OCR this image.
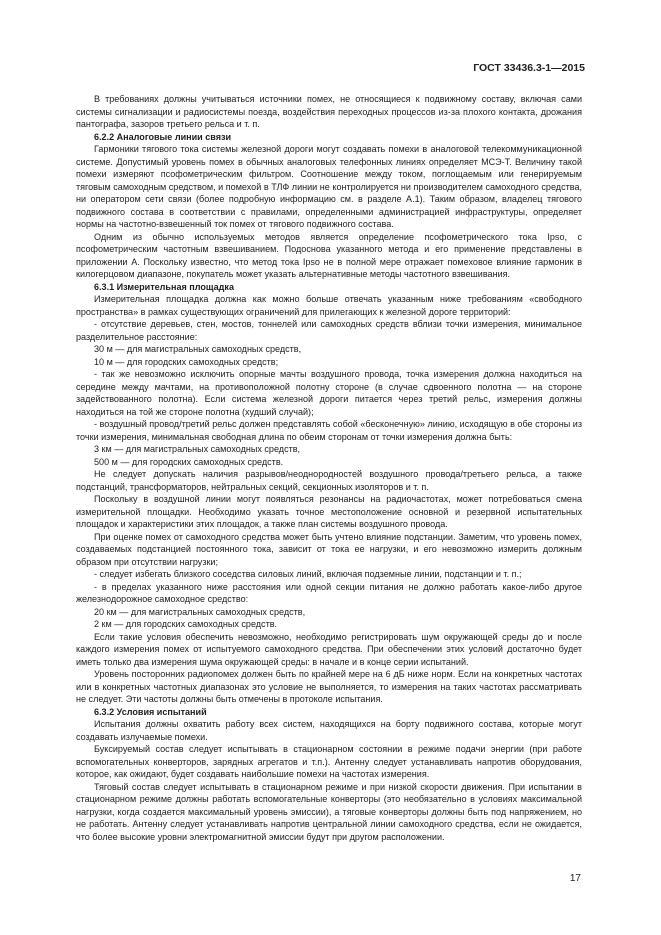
ГОСТ 33436.3-1—2015

В требованиях должны учитываться источники помех, не относящиеся к подвижному составу, включая сами системы сигнализации и радиосистемы поезда, воздействия переходных процессов из-за плохого контакта, дрожания пантографа, зазоров третьего рельса и т. п.

6.2.2 Аналоговые линии связи

Гармоники тягового тока системы железной дороги могут создавать помехи в аналоговой телекоммуникационной системе. Допустимый уровень помех в обычных аналоговых телефонных линиях определяет МСЭ-Т. Величину такой помехи измеряют псофометрическим фильтром. Соотношение между током, поглощаемым или генерируемым тяговым самоходным средством, и помехой в ТЛФ линии не контролируется ни производителем самоходного средства, ни оператором сети связи (более подробную информацию см. в разделе А.1). Таким образом, владелец тягового подвижного состава в соответствии с правилами, определенными администрацией инфраструктуры, определяет нормы на частотно-взвешенный ток помех от тягового подвижного состава.

Одним из обычно используемых методов является определение псофометрического тока Ipso, с псофометрическим частотным взвешиванием. Подоснова указанного метода и его применение представлены в приложении А. Поскольку известно, что метод тока Ipso не в полной мере отражает помеховое влияние гармоник в килогерцовом диапазоне, покупатель может указать альтернативные методы частотного взвешивания.

6.3.1 Измерительная площадка

Измерительная площадка должна как можно больше отвечать указанным ниже требованиям «свободного пространства» в рамках существующих ограничений для прилегающих к железной дороге территорий:

- отсутствие деревьев, стен, мостов, тоннелей или самоходных средств вблизи точки измерения, минимальное разделительное расстояние:

30 м — для магистральных самоходных средств,

10 м — для городских самоходных средств;

- так же невозможно исключить опорные мачты воздушного провода, точка измерения должна находиться на середине между мачтами, на противоположной полотну стороне (в случае сдвоенного полотна — на стороне задействованного полотна). Если система железной дороги питается через третий рельс, измерения должны находиться на той же стороне полотна (худший случай);

- воздушный провод/третий рельс должен представлять собой «бесконечную» линию, исходящую в обе стороны из точки измерения, минимальная свободная длина по обеим сторонам от точки измерения должна быть:

3 км — для магистральных самоходных средств,

500 м — для городских самоходных средств.

Не следует допускать наличия разрывов/неоднородностей воздушного провода/третьего рельса, а также подстанций, трансформаторов, нейтральных секций, секционных изоляторов и т. п.

Поскольку в воздушной линии могут появляться резонансы на радиочастотах, может потребоваться смена измерительной площадки. Необходимо указать точное местоположение основной и резервной испытательных площадок и характеристики этих площадок, а также план системы воздушного провода.

При оценке помех от самоходного средства может быть учтено влияние подстанции. Заметим, что уровень помех, создаваемых подстанцией постоянного тока, зависит от тока ее нагрузки, и его невозможно измерить должным образом при отсутствии нагрузки;

- следует избегать близкого соседства силовых линий, включая подземные линии, подстанции и т. п.;

- в пределах указанного ниже расстояния или одной секции питания не должно работать какое-либо другое железнодорожное самоходное средство:

20 км — для магистральных самоходных средств,

2 км — для городских самоходных средств.

Если такие условия обеспечить невозможно, необходимо регистрировать шум окружающей среды до и после каждого измерения помех от испытуемого самоходного средства. При обеспечении этих условий достаточно будет иметь только два измерения шума окружающей среды: в начале и в конце серии испытаний.

Уровень посторонних радиопомех должен быть по крайней мере на 6 дБ ниже норм. Если на конкретных частотах или в конкретных частотных диапазонах это условие не выполняется, то измерения на таких частотах рассматривать не следует. Эти частоты должны быть отмечены в протоколе испытания.

6.3.2 Условия испытаний

Испытания должны охватить работу всех систем, находящихся на борту подвижного состава, которые могут создавать излучаемые помехи.

Буксируемый состав следует испытывать в стационарном состоянии в режиме подачи энергии (при работе вспомогательных конверторов, зарядных агрегатов и т.п.). Антенну следует устанавливать напротив оборудования, которое, как ожидают, будет создавать наибольшие помехи на частотах измерения.

Тяговый состав следует испытывать в стационарном режиме и при низкой скорости движения. При испытании в стационарном режиме должны работать вспомогательные конверторы (это необязательно в условиях максимальной нагрузки, когда создается максимальный уровень эмиссии), а тяговые конверторы должны быть под напряжением, но не работать. Антенну следует устанавливать напротив центральной линии самоходного средства, если не ожидается, что более высокие уровни электромагнитной эмиссии будут при другом расположении.

17
